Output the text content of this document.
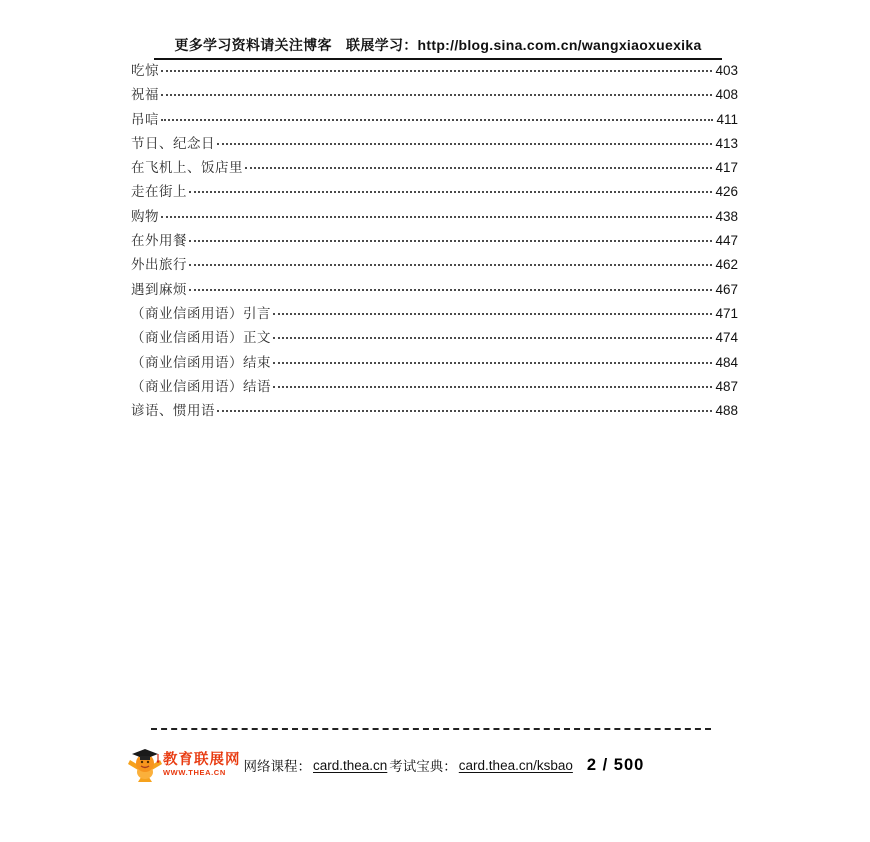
更多学习资料请关注博客　联展学习：http://blog.sina.com.cn/wangxiaoxuexika
吃惊	403
祝福	408
吊唁	411
节日、纪念日	413
在飞机上、饭店里	417
走在街上	426
购物	438
在外用餐	447
外出旅行	462
遇到麻烦	467
（商业信函用语）引言	471
（商业信函用语）正文	474
（商业信函用语）结束	484
（商业信函用语）结语	487
谚语、惯用语	488
教育联展网
WWW.THEA.CN	网络课程： card.thea.cn 考试宝典： card.thea.cn/ksbao 2 / 500
